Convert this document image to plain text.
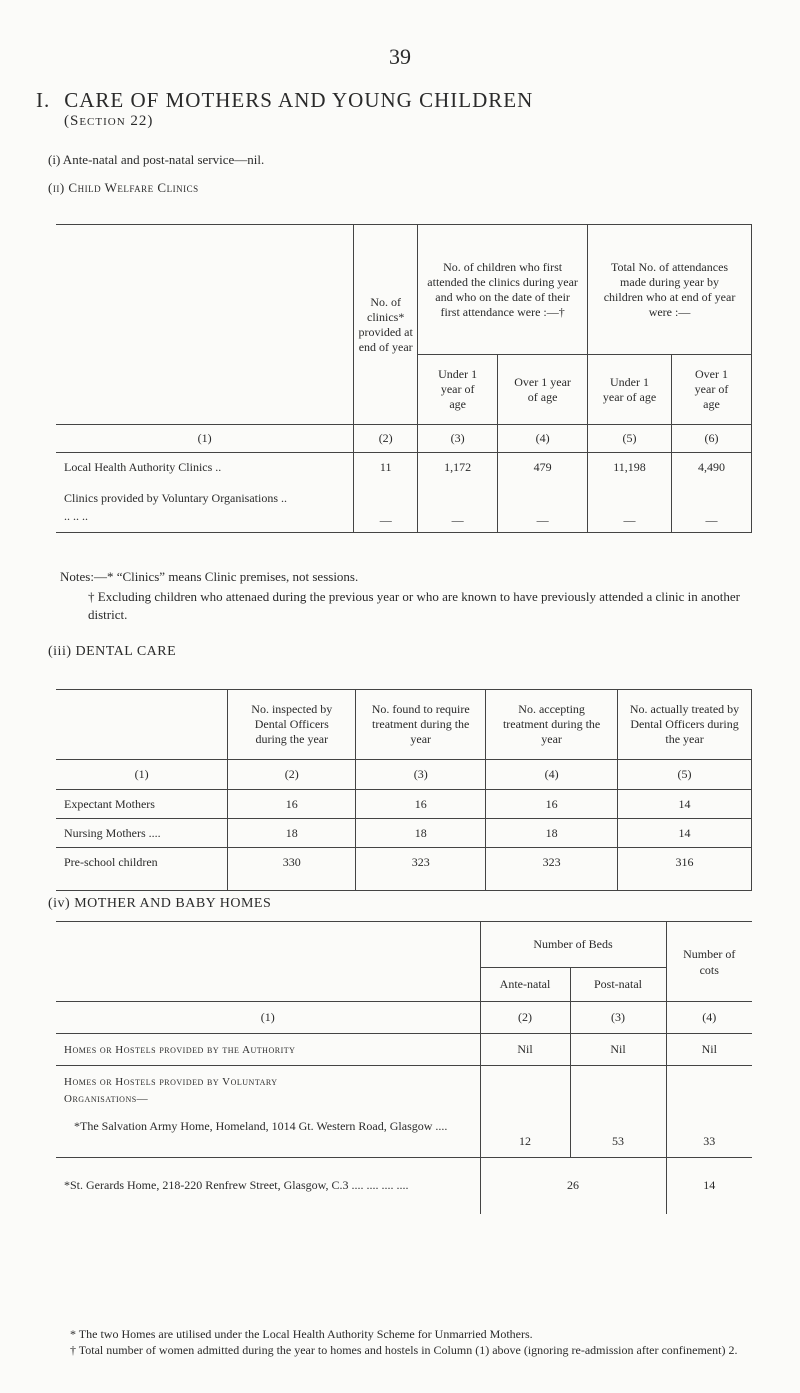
39
I. CARE OF MOTHERS AND YOUNG CHILDREN
(Section 22)
(i) Ante-natal and post-natal service—nil.
(ii) Child Welfare Clinics
	No. of clinics* provided at end of year	No. of children who first attended the clinics during year and who on the date of their first attendance were :—†		Total No. of attendances made during year by children who at end of year were :—	
		Under 1 year of age	Over 1 year of age	Under 1 year of age	Over 1 year of age
(1)	(2)	(3)	(4)	(5)	(6)
Local Health Authority Clinics ..	11	1,172	479	11,198	4,490
Clinics provided by Voluntary Organisations .. .. .. ..	—	—	—	—	—
Notes:—* “Clinics” means Clinic premises, not sessions.
† Excluding children who attenaed during the previous year or who are known to have previously attended a clinic in another district.
(iii) DENTAL CARE
	No. inspected by Dental Officers during the year	No. found to require treatment during the year	No. accepting treatment during the year	No. actually treated by Dental Officers during the year
(1)	(2)	(3)	(4)	(5)
Expectant Mothers	16	16	16	14
Nursing Mothers ....	18	18	18	14
Pre-school children	330	323	323	316
(iv) MOTHER AND BABY HOMES
	Number of Beds		Number of cots
	Ante-natal	Post-natal	
(1)	(2)	(3)	(4)
Homes or Hostels provided by the Authority	Nil	Nil	Nil

Homes or Hostels provided by Voluntary Organisations—
*The Salvation Army Home, Homeland, 1014 Gt. Western Road, Glasgow ....	12	53	33
*St. Gerards Home, 218-220 Renfrew Street, Glasgow, C.3 .... .... .... ....	26		14
* The two Homes are utilised under the Local Health Authority Scheme for Unmarried Mothers.
† Total number of women admitted during the year to homes and hostels in Column (1) above (ignoring re-admission after confinement) 2.
